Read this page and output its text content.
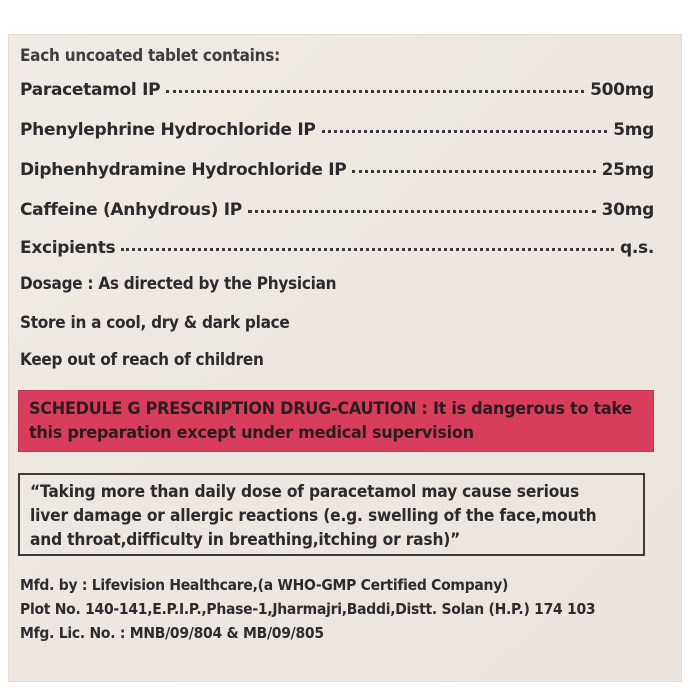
Each uncoated tablet contains:
Paracetamol IP	500mg
Phenylephrine Hydrochloride IP	5mg
Diphenhydramine Hydrochloride IP	25mg
Caffeine (Anhydrous) IP	30mg
Excipients	q.s.
Dosage : As directed by the Physician
Store in a cool, dry & dark place
Keep out of reach of children
SCHEDULE G PRESCRIPTION DRUG-CAUTION : It is dangerous to take this preparation except under medical supervision
“Taking more than daily dose of paracetamol may cause serious liver damage or allergic reactions (e.g. swelling of the face,mouth and throat,difficulty in breathing,itching or rash)”
Mfd. by : Lifevision Healthcare,(a WHO-GMP Certified Company)
Plot No. 140-141,E.P.I.P.,Phase-1,Jharmajri,Baddi,Distt. Solan (H.P.) 174 103
Mfg. Lic. No. : MNB/09/804 & MB/09/805
